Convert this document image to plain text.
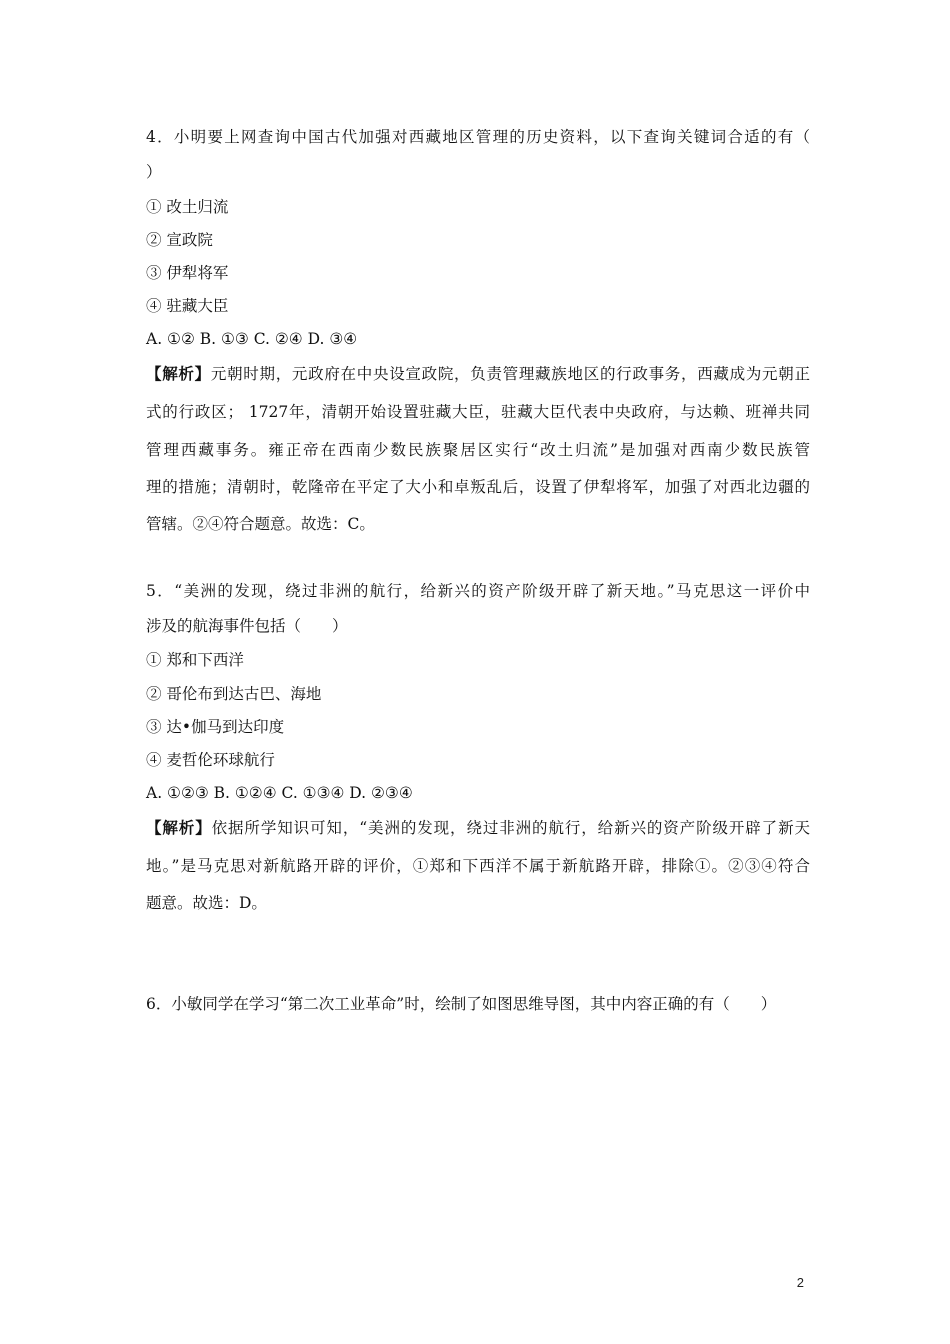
4．小明要上网查询中国古代加强对西藏地区管理的历史资料，以下查询关键词合适的有（
）
① 改土归流
② 宣政院
③ 伊犁将军
④ 驻藏大臣
A. ①② B. ①③ C. ②④ D. ③④
【解析】元朝时期，元政府在中央设宣政院，负责管理藏族地区的行政事务，西藏成为元朝正
式的行政区； 1727年，清朝开始设置驻藏大臣，驻藏大臣代表中央政府，与达赖、班禅共同
管理西藏事务。雍正帝在西南少数民族聚居区实行“改土归流”是加强对西南少数民族管
理的措施；清朝时，乾隆帝在平定了大小和卓叛乱后，设置了伊犁将军，加强了对西北边疆的
管辖。②④符合题意。故选：C。
5．“美洲的发现，绕过非洲的航行，给新兴的资产阶级开辟了新天地。”马克思这一评价中
涉及的航海事件包括（　　）
① 郑和下西洋
② 哥伦布到达古巴、海地
③ 达•伽马到达印度
④ 麦哲伦环球航行
A. ①②③ B. ①②④ C. ①③④ D. ②③④
【解析】依据所学知识可知，“美洲的发现，绕过非洲的航行，给新兴的资产阶级开辟了新天
地。”是马克思对新航路开辟的评价，①郑和下西洋不属于新航路开辟，排除①。②③④符合
题意。故选：D。
6．小敏同学在学习“第二次工业革命”时，绘制了如图思维导图，其中内容正确的有（　　）
2
